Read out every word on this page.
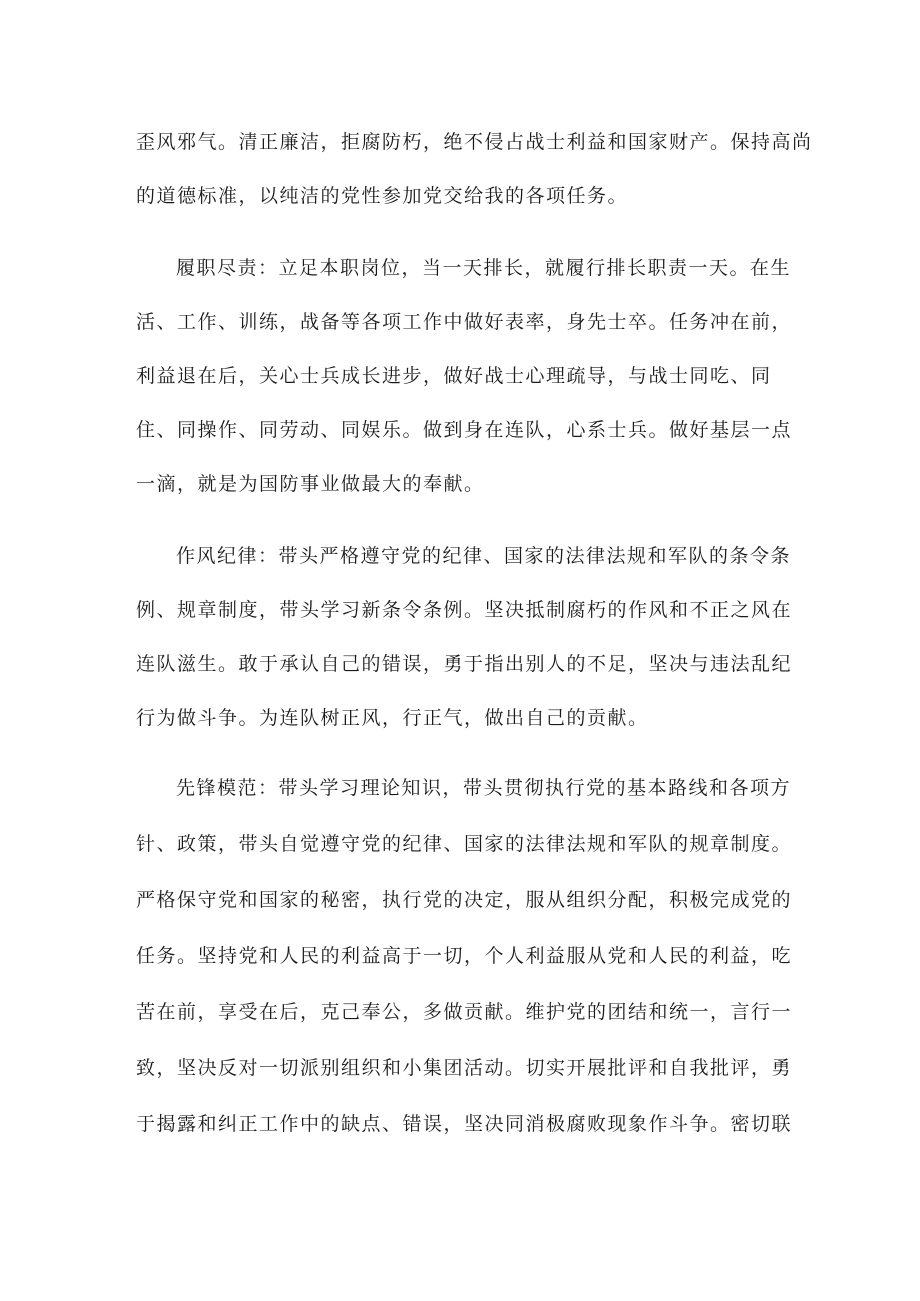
歪风邪气。清正廉洁，拒腐防朽，绝不侵占战士利益和国家财产。保持高尚
的道德标准，以纯洁的党性参加党交给我的各项任务。
履职尽责：立足本职岗位，当一天排长，就履行排长职责一天。在生
活、工作、训练，战备等各项工作中做好表率，身先士卒。任务冲在前，
利益退在后，关心士兵成长进步，做好战士心理疏导，与战士同吃、同
住、同操作、同劳动、同娱乐。做到身在连队，心系士兵。做好基层一点
一滴，就是为国防事业做最大的奉献。
作风纪律：带头严格遵守党的纪律、国家的法律法规和军队的条令条
例、规章制度，带头学习新条令条例。坚决抵制腐朽的作风和不正之风在
连队滋生。敢于承认自己的错误，勇于指出别人的不足，坚决与违法乱纪
行为做斗争。为连队树正风，行正气，做出自己的贡献。
先锋模范：带头学习理论知识，带头贯彻执行党的基本路线和各项方
针、政策，带头自觉遵守党的纪律、国家的法律法规和军队的规章制度。
严格保守党和国家的秘密，执行党的决定，服从组织分配，积极完成党的
任务。坚持党和人民的利益高于一切，个人利益服从党和人民的利益，吃
苦在前，享受在后，克己奉公，多做贡献。维护党的团结和统一，言行一
致，坚决反对一切派别组织和小集团活动。切实开展批评和自我批评，勇
于揭露和纠正工作中的缺点、错误，坚决同消极腐败现象作斗争。密切联
